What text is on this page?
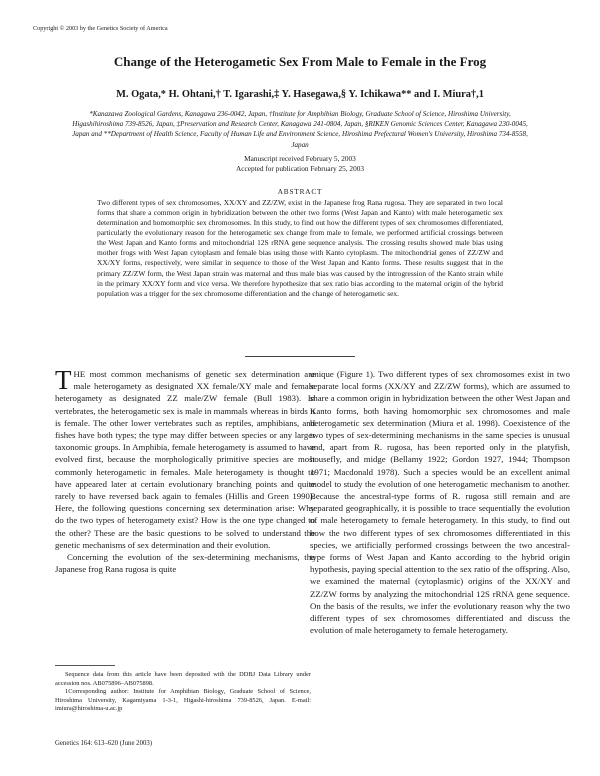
Copyright © 2003 by the Genetics Society of America
Change of the Heterogametic Sex From Male to Female in the Frog
M. Ogata,* H. Ohtani,† T. Igarashi,‡ Y. Hasegawa,§ Y. Ichikawa** and I. Miura†,1
*Kanazawa Zoological Gardens, Kanagawa 236-0042, Japan, †Institute for Amphibian Biology, Graduate School of Science, Hiroshima University, Higashihiroshima 739-8526, Japan, ‡Preservation and Research Center, Kanagawa 241-0804, Japan, §RIKEN Genomic Sciences Center, Kanagawa 230-0045, Japan and **Department of Health Science, Faculty of Human Life and Environment Science, Hiroshima Prefectural Women's University, Hiroshima 734-8558, Japan
Manuscript received February 5, 2003
Accepted for publication February 25, 2003
ABSTRACT
Two different types of sex chromosomes, XX/XY and ZZ/ZW, exist in the Japanese frog Rana rugosa. They are separated in two local forms that share a common origin in hybridization between the other two forms (West Japan and Kanto) with male heterogametic sex determination and homomorphic sex chromosomes. In this study, to find out how the different types of sex chromosomes differentiated, particularly the evolutionary reason for the heterogametic sex change from male to female, we performed artificial crossings between the West Japan and Kanto forms and mitochondrial 12S rRNA gene sequence analysis. The crossing results showed male bias using mother frogs with West Japan cytoplasm and female bias using those with Kanto cytoplasm. The mitochondrial genes of ZZ/ZW and XX/XY forms, respectively, were similar in sequence to those of the West Japan and Kanto forms. These results suggest that in the primary ZZ/ZW form, the West Japan strain was maternal and thus male bias was caused by the introgression of the Kanto strain while in the primary XX/XY form and vice versa. We therefore hypothesize that sex ratio bias according to the maternal origin of the hybrid population was a trigger for the sex chromosome differentiation and the change of heterogametic sex.

T HE most common mechanisms of genetic sex determination are male heterogamety as designated XX female/XY male and female heterogamety as designated ZZ male/ZW female (Bull 1983). In vertebrates, the heterogametic sex is male in mammals whereas in birds it is female. The other lower vertebrates such as reptiles, amphibians, and fishes have both types; the type may differ between species or any larger taxonomic groups. In Amphibia, female heterogamety is assumed to have evolved first, because the morphologically primitive species are most commonly heterogametic in females. Male heterogamety is thought to have appeared later at certain evolutionary branching points and quite rarely to have reversed back again to females (Hillis and Green 1990). Here, the following questions concerning sex determination arise: Why do the two types of heterogamety exist? How is the one type changed to the other? These are the basic questions to be solved to understand the genetic mechanisms of sex determination and their evolution.

Concerning the evolution of the sex-determining mechanisms, the Japanese frog Rana rugosa is quite

unique (Figure 1). Two different types of sex chromosomes exist in two separate local forms (XX/XY and ZZ/ZW forms), which are assumed to share a common origin in hybridization between the other West Japan and Kanto forms, both having homomorphic sex chromosomes and male heterogametic sex determination (Miura et al. 1998). Coexistence of the two types of sex-determining mechanisms in the same species is unusual and, apart from R. rugosa, has been reported only in the platyfish, housefly, and midge (Bellamy 1922; Gordon 1927, 1944; Thompson 1971; Macdonald 1978). Such a species would be an excellent animal model to study the evolution of one heterogametic mechanism to another. Because the ancestral-type forms of R. rugosa still remain and are separated geographically, it is possible to trace sequentially the evolution of male heterogamety to female heterogamety. In this study, to find out how the two different types of sex chromosomes differentiated in this species, we artificially performed crossings between the two ancestral-type forms of West Japan and Kanto according to the hybrid origin hypothesis, paying special attention to the sex ratio of the offspring. Also, we examined the maternal (cytoplasmic) origins of the XX/XY and ZZ/ZW forms by analyzing the mitochondrial 12S rRNA gene sequence. On the basis of the results, we infer the evolutionary reason why the two different types of sex chromosomes differentiated and discuss the evolution of male heterogamety to female heterogamety.

Sequence data from this article have been deposited with the DDBJ Data Library under accession nos. AB075896–AB075898.

1Corresponding author: Institute for Amphibian Biology, Graduate School of Science, Hiroshima University, Kagamiyama 1-3-1, Higashi-hiroshima 739-8526, Japan. E-mail: imiura@hiroshima-u.ac.jp

Genetics 164: 613–620 (June 2003)
